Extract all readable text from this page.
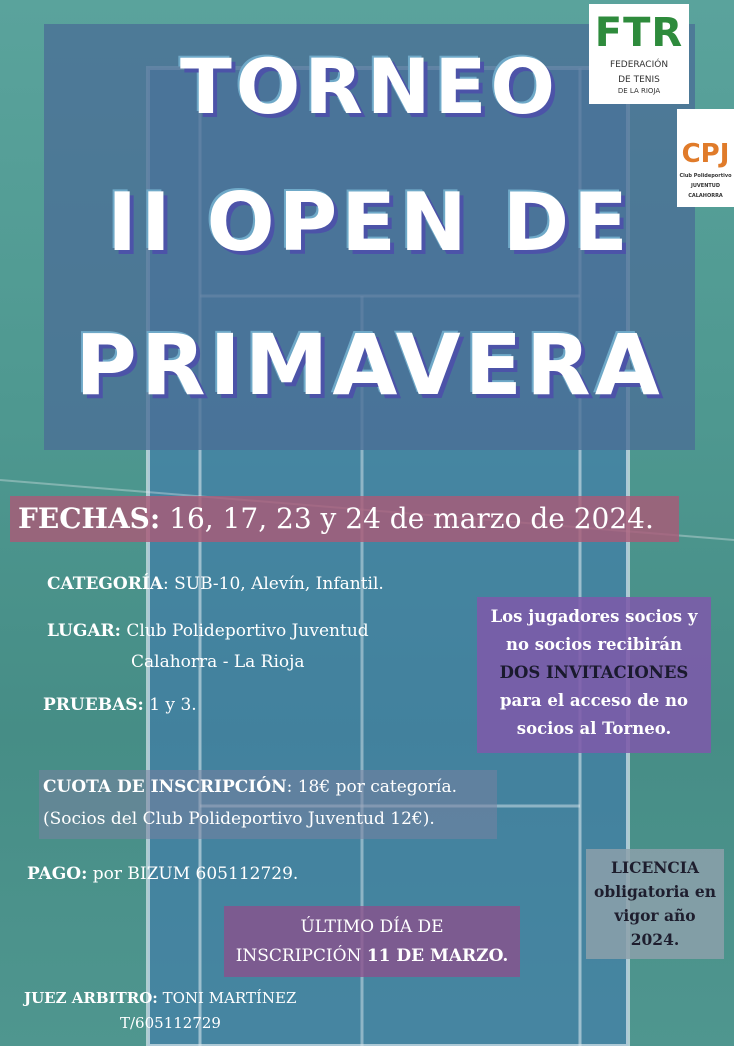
TORNEO
II OPEN DE
PRIMAVERA
FTR
FEDERACIÓN
DE TENIS
DE LA RIOJA
CPJ
Club Polideportivo
JUVENTUD
CALAHORRA
FECHAS: 16, 17, 23 y 24 de marzo de 2024.
CATEGORÍA: SUB-10, Alevín, Infantil.
LUGAR: Club Polideportivo Juventud
Calahorra - La Rioja
PRUEBAS: 1 y 3.
CUOTA DE INSCRIPCIÓN: 18€ por categoría.
(Socios del Club Polideportivo Juventud 12€).
PAGO: por BIZUM 605112729.
Los jugadores socios y
no socios recibirán
DOS INVITACIONES
para el acceso de no
socios al Torneo.
LICENCIA
obligatoria en
vigor año
2024.
ÚLTIMO DÍA DE
INSCRIPCIÓN 11 DE MARZO.
JUEZ ARBITRO: TONI MARTÍNEZ
T/605112729
